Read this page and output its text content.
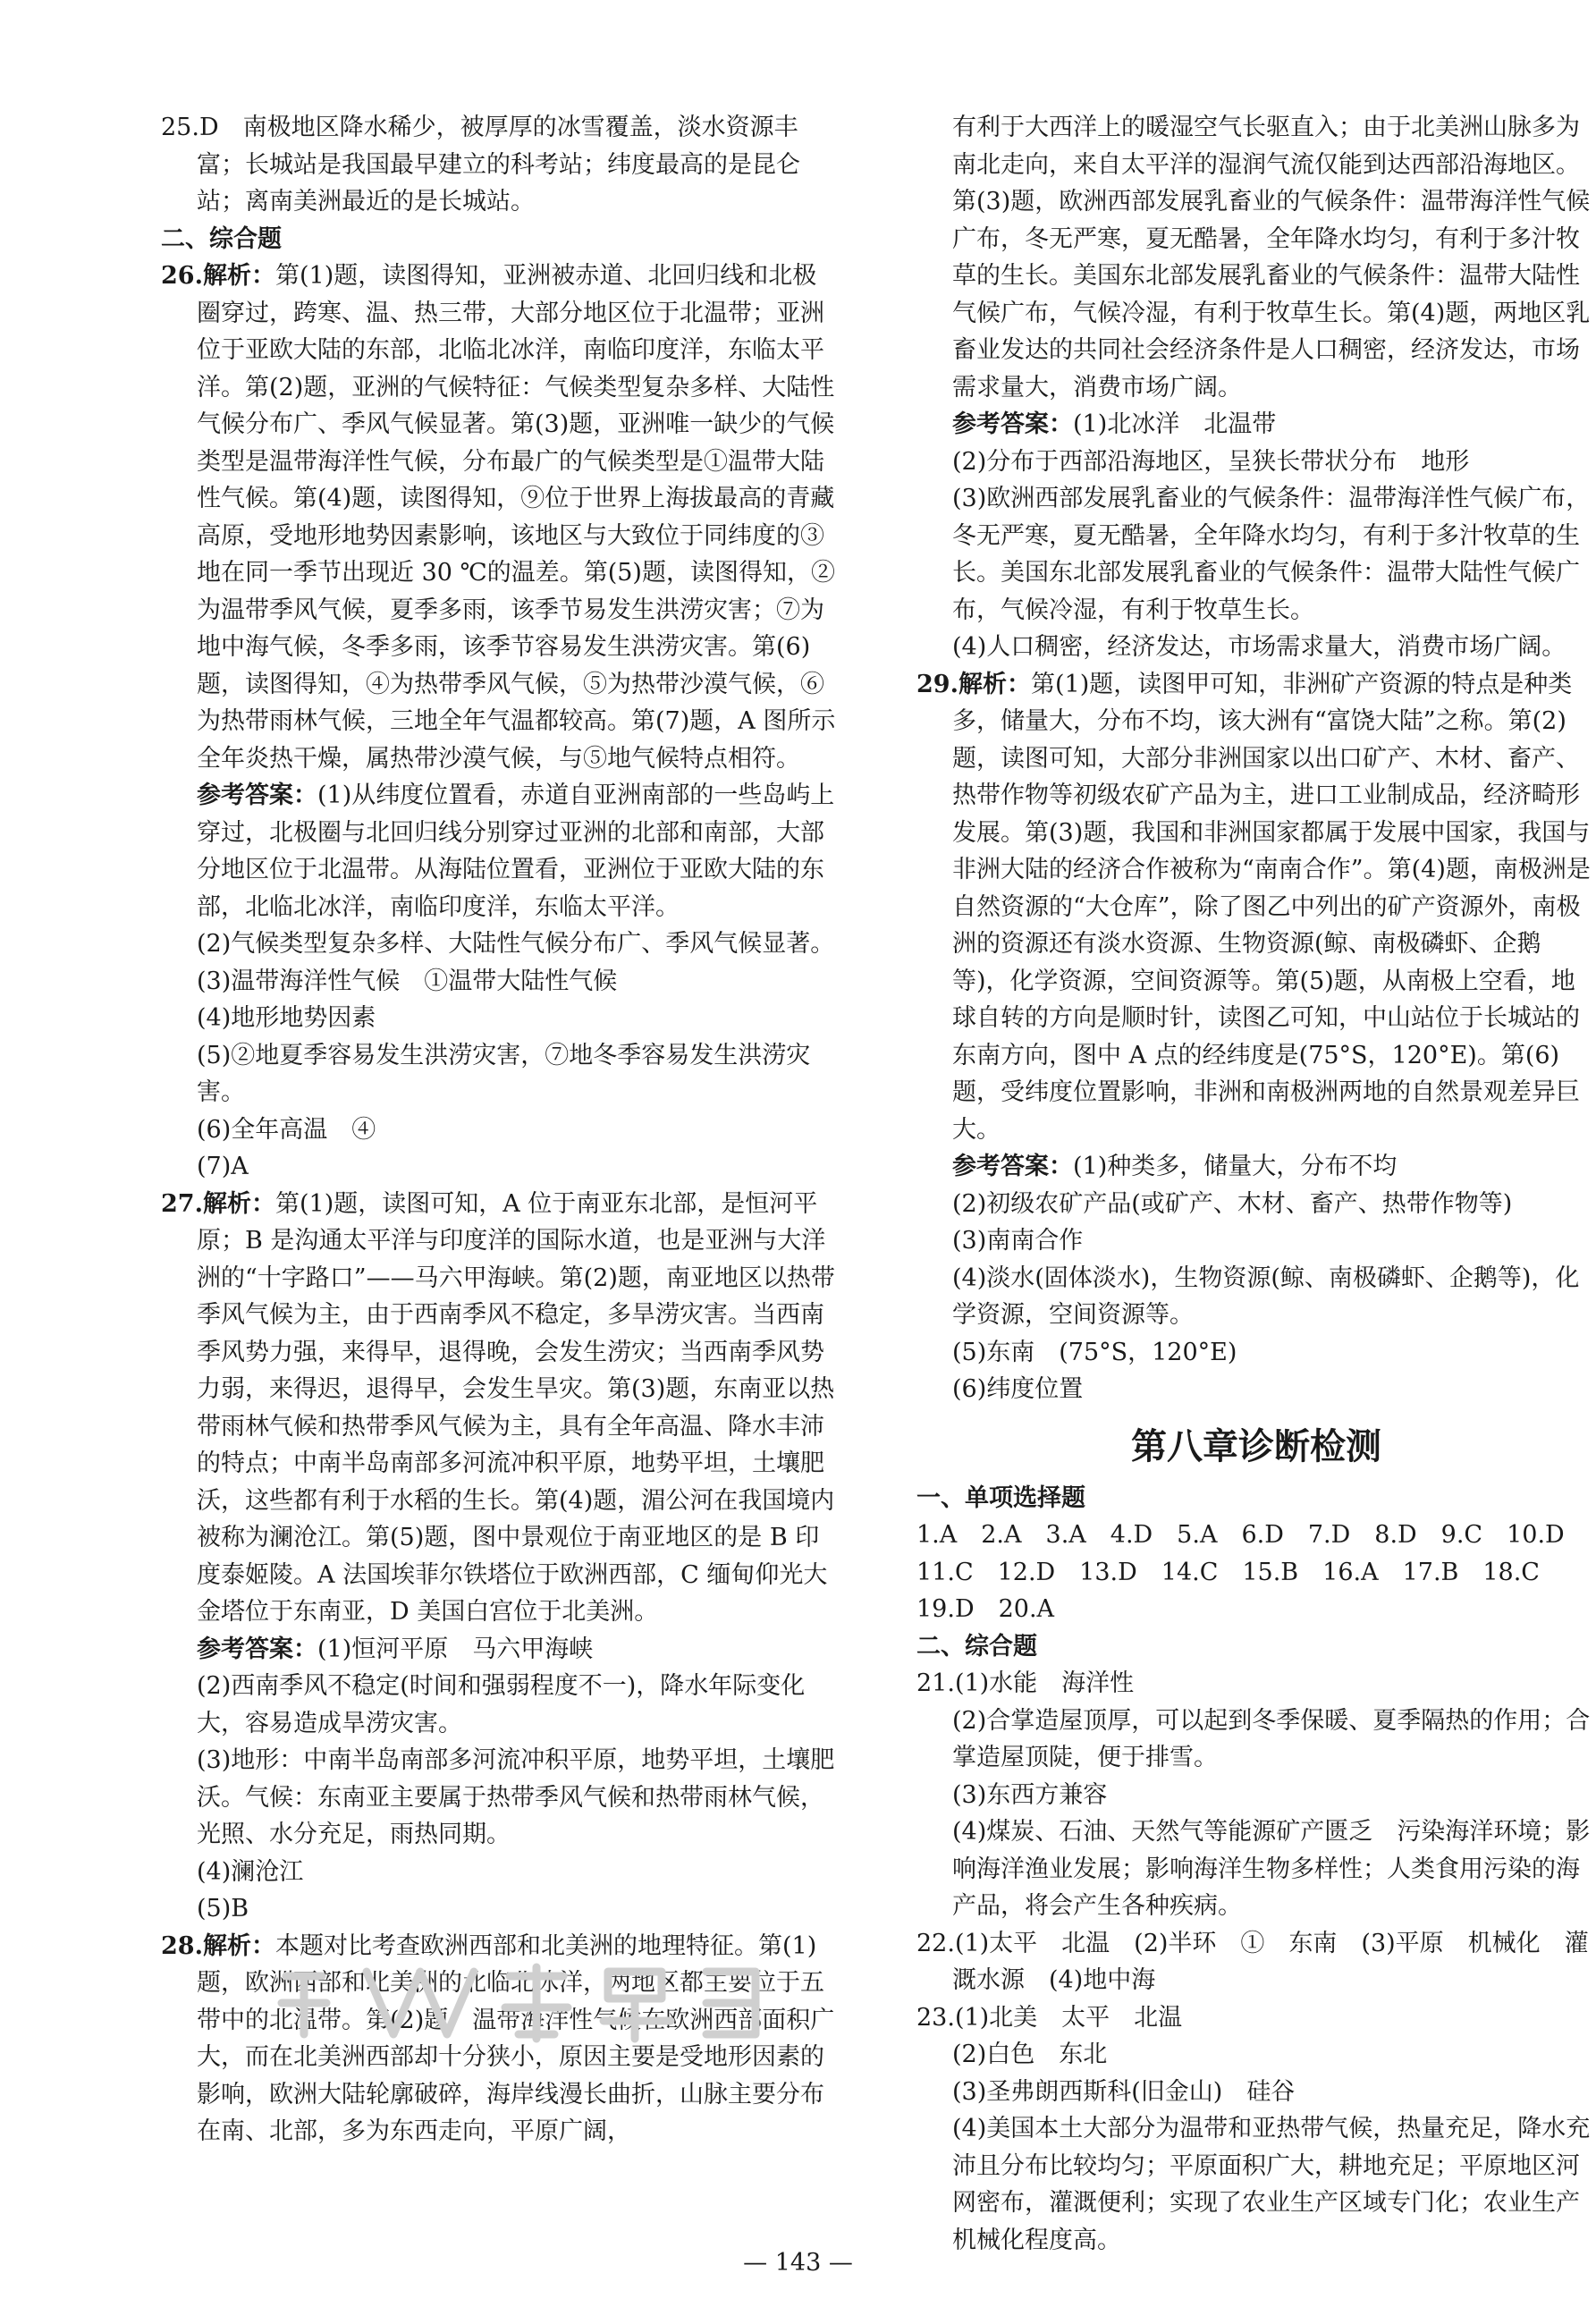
25.D　南极地区降水稀少，被厚厚的冰雪覆盖，淡水资源丰富；长城站是我国最早建立的科考站；纬度最高的是昆仑站；离南美洲最近的是长城站。

二、综合题

26.解析：第(1)题，读图得知，亚洲被赤道、北回归线和北极圈穿过，跨寒、温、热三带，大部分地区位于北温带；亚洲位于亚欧大陆的东部，北临北冰洋，南临印度洋，东临太平洋。第(2)题，亚洲的气候特征：气候类型复杂多样、大陆性气候分布广、季风气候显著。第(3)题，亚洲唯一缺少的气候类型是温带海洋性气候，分布最广的气候类型是①温带大陆性气候。第(4)题，读图得知，⑨位于世界上海拔最高的青藏高原，受地形地势因素影响，该地区与大致位于同纬度的③地在同一季节出现近 30 ℃的温差。第(5)题，读图得知，②为温带季风气候，夏季多雨，该季节易发生洪涝灾害；⑦为地中海气候，冬季多雨，该季节容易发生洪涝灾害。第(6)题，读图得知，④为热带季风气候，⑤为热带沙漠气候，⑥为热带雨林气候，三地全年气温都较高。第(7)题，A 图所示全年炎热干燥，属热带沙漠气候，与⑤地气候特点相符。

参考答案：(1)从纬度位置看，赤道自亚洲南部的一些岛屿上穿过，北极圈与北回归线分别穿过亚洲的北部和南部，大部分地区位于北温带。从海陆位置看，亚洲位于亚欧大陆的东部，北临北冰洋，南临印度洋，东临太平洋。

(2)气候类型复杂多样、大陆性气候分布广、季风气候显著。

(3)温带海洋性气候　①温带大陆性气候

(4)地形地势因素

(5)②地夏季容易发生洪涝灾害，⑦地冬季容易发生洪涝灾害。

(6)全年高温　④

(7)A

27.解析：第(1)题，读图可知，A 位于南亚东北部，是恒河平原；B 是沟通太平洋与印度洋的国际水道，也是亚洲与大洋洲的“十字路口”——马六甲海峡。第(2)题，南亚地区以热带季风气候为主，由于西南季风不稳定，多旱涝灾害。当西南季风势力强，来得早，退得晚，会发生涝灾；当西南季风势力弱，来得迟，退得早，会发生旱灾。第(3)题，东南亚以热带雨林气候和热带季风气候为主，具有全年高温、降水丰沛的特点；中南半岛南部多河流冲积平原，地势平坦，土壤肥沃，这些都有利于水稻的生长。第(4)题，湄公河在我国境内被称为澜沧江。第(5)题，图中景观位于南亚地区的是 B 印度泰姬陵。A 法国埃菲尔铁塔位于欧洲西部，C 缅甸仰光大金塔位于东南亚，D 美国白宫位于北美洲。

参考答案：(1)恒河平原　马六甲海峡

(2)西南季风不稳定(时间和强弱程度不一)，降水年际变化大，容易造成旱涝灾害。

(3)地形：中南半岛南部多河流冲积平原，地势平坦，土壤肥沃。气候：东南亚主要属于热带季风气候和热带雨林气候，光照、水分充足，雨热同期。

(4)澜沧江

(5)B

28.解析：本题对比考查欧洲西部和北美洲的地理特征。第(1)题，欧洲西部和北美洲的北临北冰洋，两地区都主要位于五带中的北温带。第(2)题，温带海洋性气候在欧洲西部面积广大，而在北美洲西部却十分狭小，原因主要是受地形因素的影响，欧洲大陆轮廓破碎，海岸线漫长曲折，山脉主要分布在南、北部，多为东西走向，平原广阔，

有利于大西洋上的暖湿空气长驱直入；由于北美洲山脉多为南北走向，来自太平洋的湿润气流仅能到达西部沿海地区。第(3)题，欧洲西部发展乳畜业的气候条件：温带海洋性气候广布，冬无严寒，夏无酷暑，全年降水均匀，有利于多汁牧草的生长。美国东北部发展乳畜业的气候条件：温带大陆性气候广布，气候冷湿，有利于牧草生长。第(4)题，两地区乳畜业发达的共同社会经济条件是人口稠密，经济发达，市场需求量大，消费市场广阔。

参考答案：(1)北冰洋　北温带

(2)分布于西部沿海地区，呈狭长带状分布　地形

(3)欧洲西部发展乳畜业的气候条件：温带海洋性气候广布，冬无严寒，夏无酷暑，全年降水均匀，有利于多汁牧草的生长。美国东北部发展乳畜业的气候条件：温带大陆性气候广布，气候冷湿，有利于牧草生长。

(4)人口稠密，经济发达，市场需求量大，消费市场广阔。

29.解析：第(1)题，读图甲可知，非洲矿产资源的特点是种类多，储量大，分布不均，该大洲有“富饶大陆”之称。第(2)题，读图可知，大部分非洲国家以出口矿产、木材、畜产、热带作物等初级农矿产品为主，进口工业制成品，经济畸形发展。第(3)题，我国和非洲国家都属于发展中国家，我国与非洲大陆的经济合作被称为“南南合作”。第(4)题，南极洲是自然资源的“大仓库”，除了图乙中列出的矿产资源外，南极洲的资源还有淡水资源、生物资源(鲸、南极磷虾、企鹅等)，化学资源，空间资源等。第(5)题，从南极上空看，地球自转的方向是顺时针，读图乙可知，中山站位于长城站的东南方向，图中 A 点的经纬度是(75°S，120°E)。第(6)题，受纬度位置影响，非洲和南极洲两地的自然景观差异巨大。

参考答案：(1)种类多，储量大，分布不均

(2)初级农矿产品(或矿产、木材、畜产、热带作物等)

(3)南南合作

(4)淡水(固体淡水)，生物资源(鲸、南极磷虾、企鹅等)，化学资源，空间资源等。

(5)东南　(75°S，120°E)

(6)纬度位置

第八章诊断检测

一、单项选择题

1.A　2.A　3.A　4.D　5.A　6.D　7.D　8.D　9.C　10.D

11.C　12.D　13.D　14.C　15.B　16.A　17.B　18.C

19.D　20.A

二、综合题

21.(1)水能　海洋性

(2)合掌造屋顶厚，可以起到冬季保暖、夏季隔热的作用；合掌造屋顶陡，便于排雪。

(3)东西方兼容

(4)煤炭、石油、天然气等能源矿产匮乏　污染海洋环境；影响海洋渔业发展；影响海洋生物多样性；人类食用污染的海产品，将会产生各种疾病。

22.(1)太平　北温　(2)半环　①　东南　(3)平原　机械化　灌溉水源　(4)地中海

23.(1)北美　太平　北温

(2)白色　东北

(3)圣弗朗西斯科(旧金山)　硅谷

(4)美国本土大部分为温带和亚热带气候，热量充足，降水充沛且分布比较均匀；平原面积广大，耕地充足；平原地区河网密布，灌溉便利；实现了农业生产区域专门化；农业生产机械化程度高。

— 143 —
